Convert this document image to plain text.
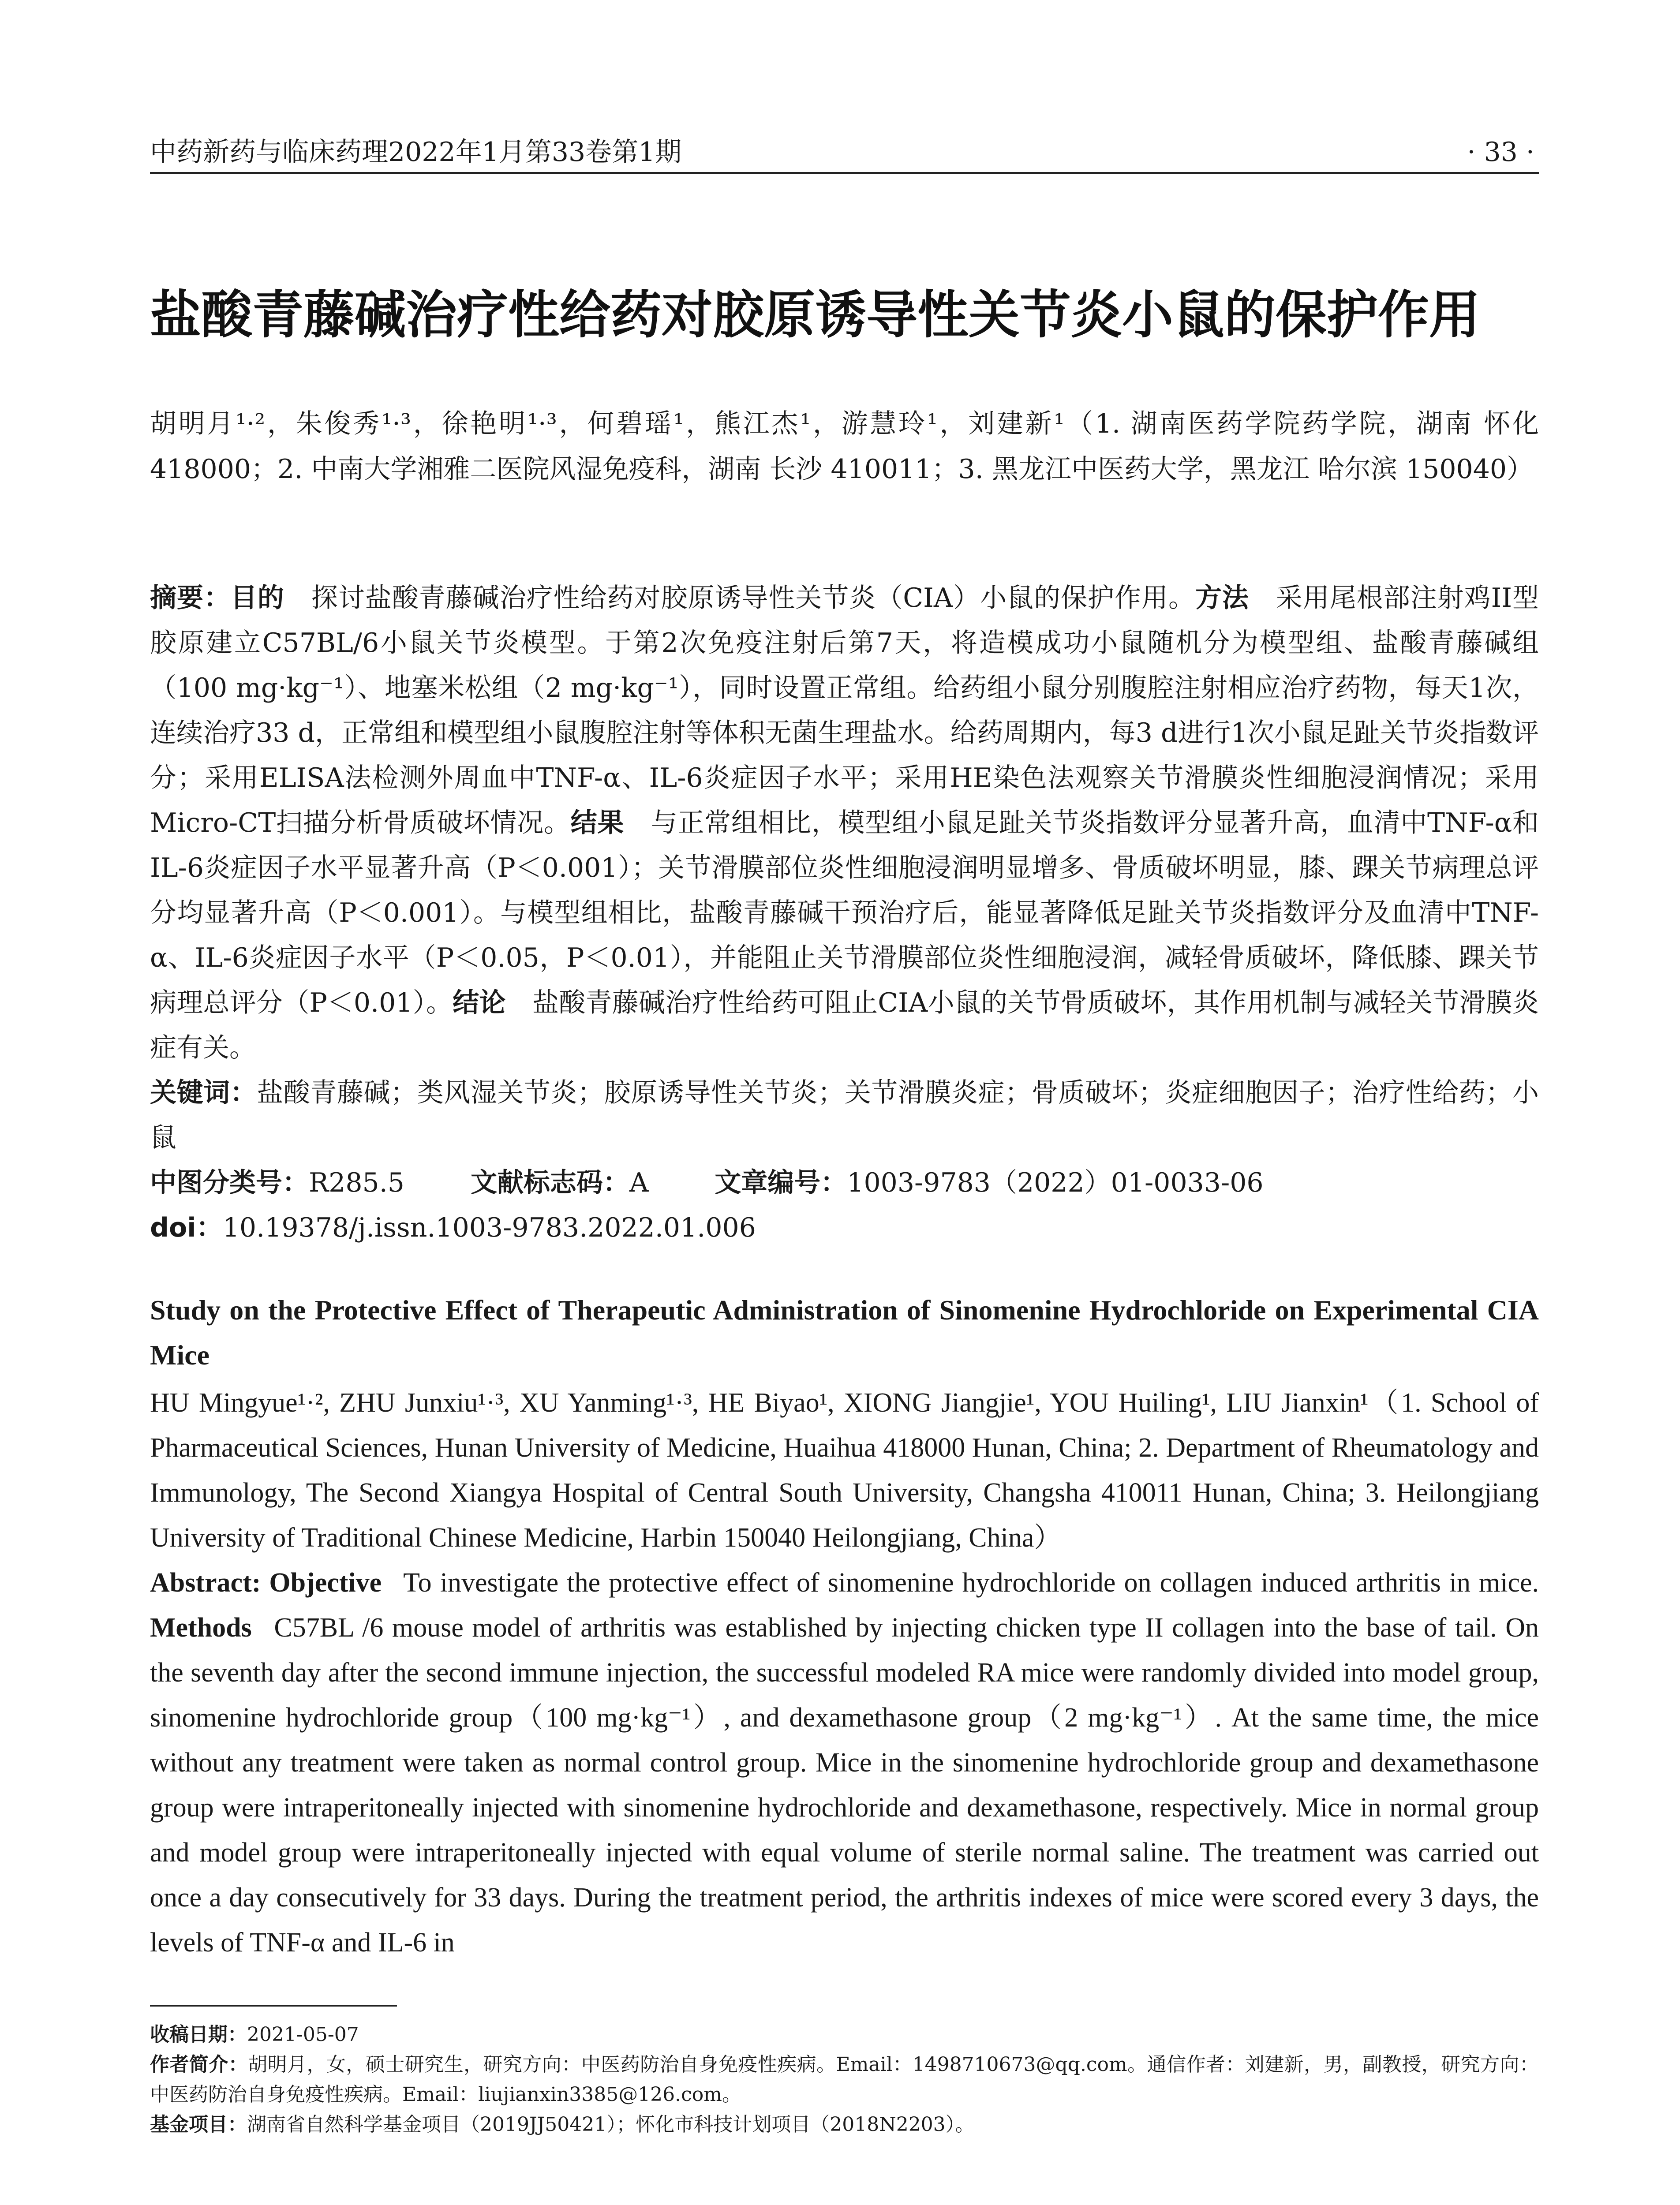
中药新药与临床药理2022年1月第33卷第1期	· 33 ·
盐酸青藤碱治疗性给药对胶原诱导性关节炎小鼠的保护作用
胡明月¹·²，朱俊秀¹·³，徐艳明¹·³，何碧瑶¹，熊江杰¹，游慧玲¹，刘建新¹（1. 湖南医药学院药学院，湖南 怀化 418000；2. 中南大学湘雅二医院风湿免疫科，湖南 长沙 410011；3. 黑龙江中医药大学，黑龙江 哈尔滨 150040）

摘要：目的  探讨盐酸青藤碱治疗性给药对胶原诱导性关节炎（CIA）小鼠的保护作用。方法  采用尾根部注射鸡II型胶原建立C57BL/6小鼠关节炎模型。于第2次免疫注射后第7天，将造模成功小鼠随机分为模型组、盐酸青藤碱组（100 mg·kg⁻¹）、地塞米松组（2 mg·kg⁻¹），同时设置正常组。给药组小鼠分别腹腔注射相应治疗药物，每天1次，连续治疗33 d，正常组和模型组小鼠腹腔注射等体积无菌生理盐水。给药周期内，每3 d进行1次小鼠足趾关节炎指数评分；采用ELISA法检测外周血中TNF-α、IL-6炎症因子水平；采用HE染色法观察关节滑膜炎性细胞浸润情况；采用Micro-CT扫描分析骨质破坏情况。结果  与正常组相比，模型组小鼠足趾关节炎指数评分显著升高，血清中TNF-α和IL-6炎症因子水平显著升高（P＜0.001）；关节滑膜部位炎性细胞浸润明显增多、骨质破坏明显，膝、踝关节病理总评分均显著升高（P＜0.001）。与模型组相比，盐酸青藤碱干预治疗后，能显著降低足趾关节炎指数评分及血清中TNF-α、IL-6炎症因子水平（P＜0.05，P＜0.01），并能阻止关节滑膜部位炎性细胞浸润，减轻骨质破坏，降低膝、踝关节病理总评分（P＜0.01）。结论  盐酸青藤碱治疗性给药可阻止CIA小鼠的关节骨质破坏，其作用机制与减轻关节滑膜炎症有关。

关键词：盐酸青藤碱；类风湿关节炎；胶原诱导性关节炎；关节滑膜炎症；骨质破坏；炎症细胞因子；治疗性给药；小鼠

中图分类号：R285.5	文献标志码：A	文章编号：1003-9783（2022）01-0033-06
doi：10.19378/j.issn.1003-9783.2022.01.006
Study on the Protective Effect of Therapeutic Administration of Sinomenine Hydrochloride on Experimental CIA Mice

HU Mingyue¹·², ZHU Junxiu¹·³, XU Yanming¹·³, HE Biyao¹, XIONG Jiangjie¹, YOU Huiling¹, LIU Jianxin¹（1. School of Pharmaceutical Sciences, Hunan University of Medicine, Huaihua 418000 Hunan, China; 2. Department of Rheumatology and Immunology, The Second Xiangya Hospital of Central South University, Changsha 410011 Hunan, China; 3. Heilongjiang University of Traditional Chinese Medicine, Harbin 150040 Heilongjiang, China）

Abstract: Objective  To investigate the protective effect of sinomenine hydrochloride on collagen induced arthritis in mice. Methods  C57BL /6 mouse model of arthritis was established by injecting chicken type II collagen into the base of tail. On the seventh day after the second immune injection, the successful modeled RA mice were randomly divided into model group, sinomenine hydrochloride group（100 mg·kg⁻¹）, and dexamethasone group（2 mg·kg⁻¹）. At the same time, the mice without any treatment were taken as normal control group. Mice in the sinomenine hydrochloride group and dexamethasone group were intraperitoneally injected with sinomenine hydrochloride and dexamethasone, respectively. Mice in normal group and model group were intraperitoneally injected with equal volume of sterile normal saline. The treatment was carried out once a day consecutively for 33 days. During the treatment period, the arthritis indexes of mice were scored every 3 days, the levels of TNF-α and IL-6 in

收稿日期：2021-05-07

作者简介：胡明月，女，硕士研究生，研究方向：中医药防治自身免疫性疾病。Email：1498710673@qq.com。通信作者：刘建新，男，副教授，研究方向：中医药防治自身免疫性疾病。Email：liujianxin3385@126.com。

基金项目：湖南省自然科学基金项目（2019JJ50421）；怀化市科技计划项目（2018N2203）。
